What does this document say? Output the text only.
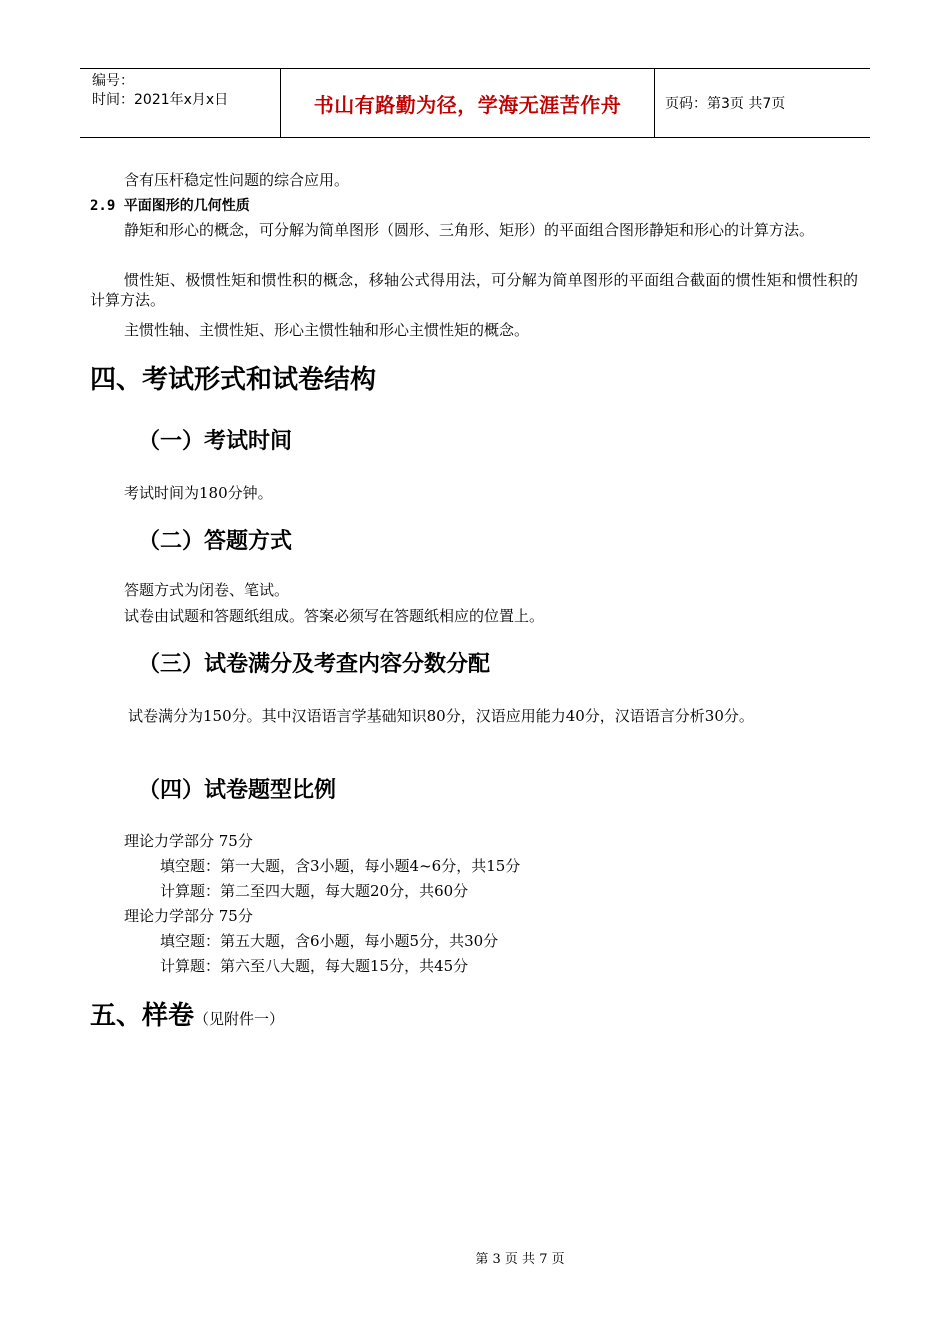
编号：
时间：2021年x月x日	书山有路勤为径，学海无涯苦作舟	页码：第3页 共7页
含有压杆稳定性问题的综合应用。
2.9 平面图形的几何性质
静矩和形心的概念，可分解为简单图形（圆形、三角形、矩形）的平面组合图形静矩和形心的计算方法。
惯性矩、极惯性矩和惯性积的概念，移轴公式得用法，可分解为简单图形的平面组合截面的惯性矩和惯性积的计算方法。
主惯性轴、主惯性矩、形心主惯性轴和形心主惯性矩的概念。
四、考试形式和试卷结构
（一）考试时间
考试时间为180分钟。
（二）答题方式
答题方式为闭卷、笔试。
试卷由试题和答题纸组成。答案必须写在答题纸相应的位置上。
（三）试卷满分及考查内容分数分配
试卷满分为150分。其中汉语语言学基础知识80分，汉语应用能力40分，汉语语言分析30分。
（四）试卷题型比例
理论力学部分 75分
填空题：第一大题，含3小题，每小题4~6分，共15分
计算题：第二至四大题，每大题20分，共60分
理论力学部分 75分
填空题：第五大题，含6小题，每小题5分，共30分
计算题：第六至八大题，每大题15分，共45分
五、样卷（见附件一）
第 3 页 共 7 页
